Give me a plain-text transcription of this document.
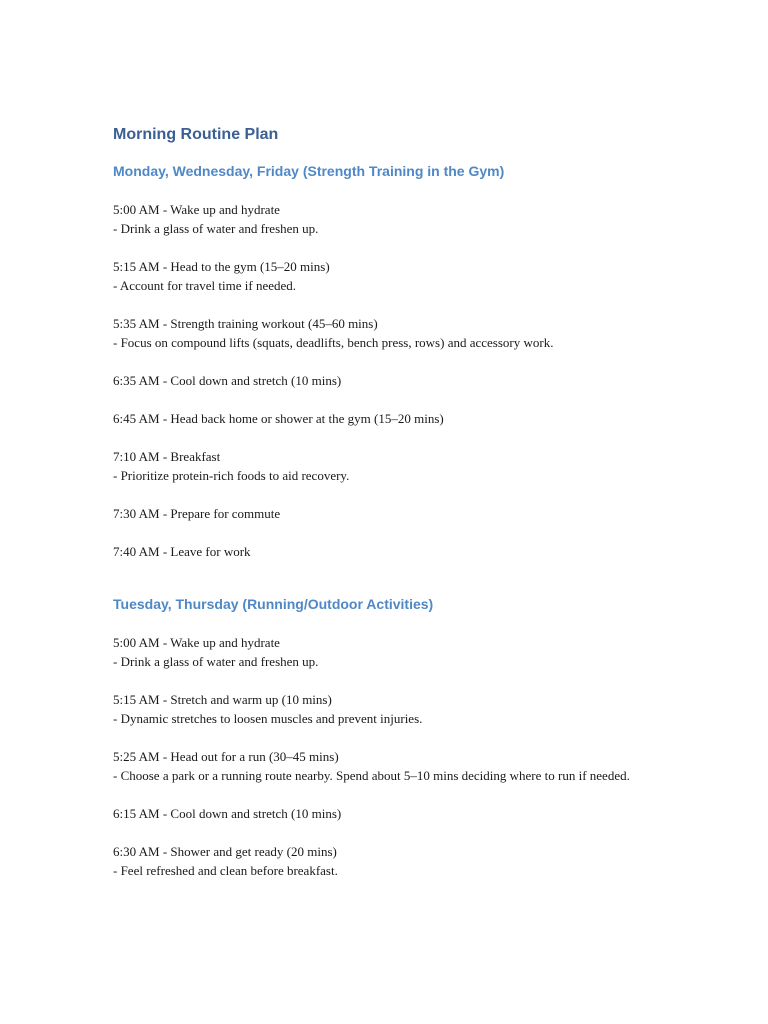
Morning Routine Plan
Monday, Wednesday, Friday (Strength Training in the Gym)

5:00 AM - Wake up and hydrate
- Drink a glass of water and freshen up.

5:15 AM - Head to the gym (15–20 mins)
- Account for travel time if needed.

5:35 AM - Strength training workout (45–60 mins)
- Focus on compound lifts (squats, deadlifts, bench press, rows) and accessory work.

6:35 AM - Cool down and stretch (10 mins)

6:45 AM - Head back home or shower at the gym (15–20 mins)

7:10 AM - Breakfast
- Prioritize protein-rich foods to aid recovery.

7:30 AM - Prepare for commute

7:40 AM - Leave for work

Tuesday, Thursday (Running/Outdoor Activities)

5:00 AM - Wake up and hydrate
- Drink a glass of water and freshen up.

5:15 AM - Stretch and warm up (10 mins)
- Dynamic stretches to loosen muscles and prevent injuries.

5:25 AM - Head out for a run (30–45 mins)
- Choose a park or a running route nearby. Spend about 5–10 mins deciding where to run if needed.

6:15 AM - Cool down and stretch (10 mins)

6:30 AM - Shower and get ready (20 mins)
- Feel refreshed and clean before breakfast.
